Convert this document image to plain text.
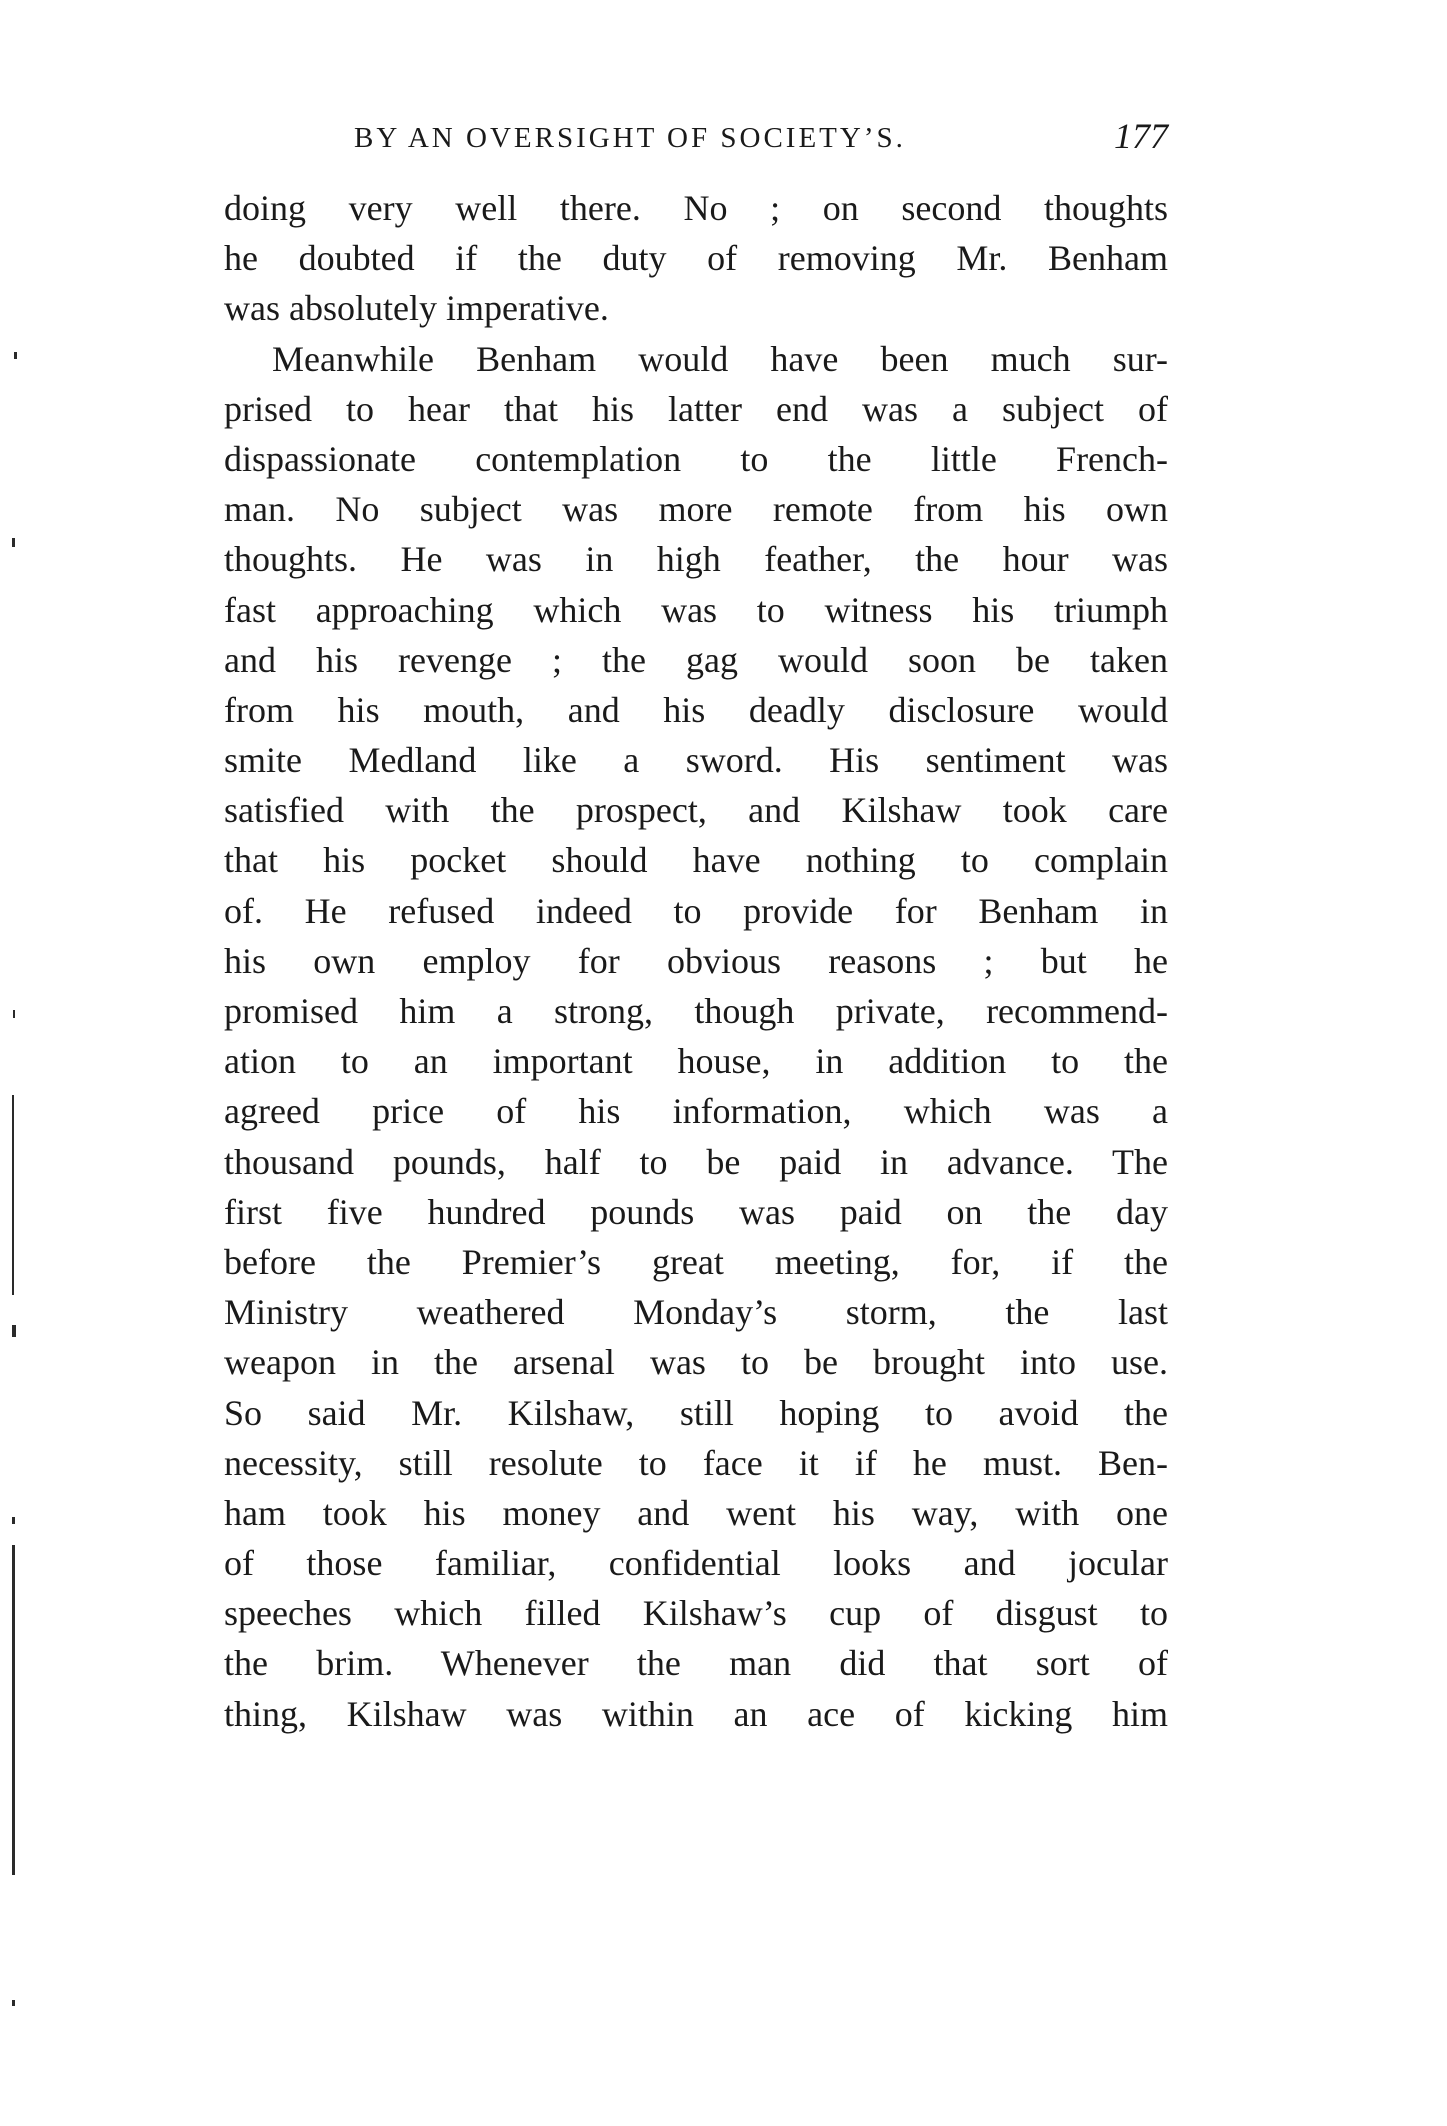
BY AN OVERSIGHT OF SOCIETY’S.	177
doing very well there. No ; on second thoughts
he doubted if the duty of removing Mr. Benham
was absolutely imperative.
Meanwhile Benham would have been much sur-
prised to hear that his latter end was a subject of
dispassionate contemplation to the little French-
man. No subject was more remote from his own
thoughts. He was in high feather, the hour was
fast approaching which was to witness his triumph
and his revenge ; the gag would soon be taken
from his mouth, and his deadly disclosure would
smite Medland like a sword. His sentiment was
satisfied with the prospect, and Kilshaw took care
that his pocket should have nothing to complain
of. He refused indeed to provide for Benham in
his own employ for obvious reasons ; but he
promised him a strong, though private, recommend-
ation to an important house, in addition to the
agreed price of his information, which was a
thousand pounds, half to be paid in advance. The
first five hundred pounds was paid on the day
before the Premier’s great meeting, for, if the
Ministry weathered Monday’s storm, the last
weapon in the arsenal was to be brought into use.
So said Mr. Kilshaw, still hoping to avoid the
necessity, still resolute to face it if he must. Ben-
ham took his money and went his way, with one
of those familiar, confidential looks and jocular
speeches which filled Kilshaw’s cup of disgust to
the brim. Whenever the man did that sort of
thing, Kilshaw was within an ace of kicking him
